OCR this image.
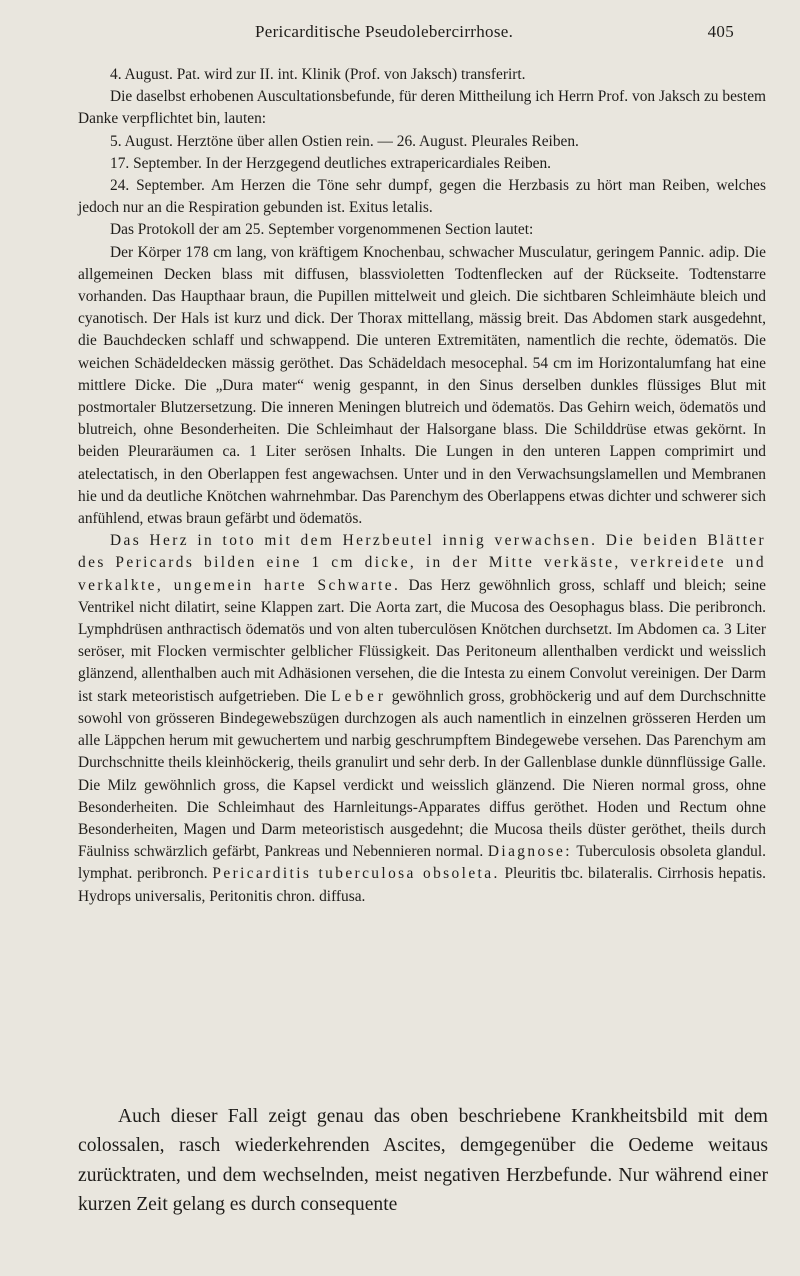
Pericarditische Pseudolebercirrhose.	405

4. August. Pat. wird zur II. int. Klinik (Prof. von Jaksch) transferirt.

Die daselbst erhobenen Auscultationsbefunde, für deren Mittheilung ich Herrn Prof. von Jaksch zu bestem Danke verpflichtet bin, lauten:

5. August. Herztöne über allen Ostien rein. — 26. August. Pleurales Reiben.

17. September. In der Herzgegend deutliches extrapericardiales Reiben.

24. September. Am Herzen die Töne sehr dumpf, gegen die Herzbasis zu hört man Reiben, welches jedoch nur an die Respiration gebunden ist. Exitus letalis.

Das Protokoll der am 25. September vorgenommenen Section lautet:

Der Körper 178 cm lang, von kräftigem Knochenbau, schwacher Musculatur, geringem Pannic. adip. Die allgemeinen Decken blass mit diffusen, blassvioletten Todtenflecken auf der Rückseite. Todtenstarre vorhanden. Das Haupthaar braun, die Pupillen mittelweit und gleich. Die sichtbaren Schleimhäute bleich und cyanotisch. Der Hals ist kurz und dick. Der Thorax mittellang, mässig breit. Das Abdomen stark ausgedehnt, die Bauchdecken schlaff und schwappend. Die unteren Extremitäten, namentlich die rechte, ödematös. Die weichen Schädeldecken mässig geröthet. Das Schädeldach mesocephal. 54 cm im Horizontalumfang hat eine mittlere Dicke. Die „Dura mater“ wenig gespannt, in den Sinus derselben dunkles flüssiges Blut mit postmortaler Blutzersetzung. Die inneren Meningen blutreich und ödematös. Das Gehirn weich, ödematös und blutreich, ohne Besonderheiten. Die Schleimhaut der Halsorgane blass. Die Schilddrüse etwas gekörnt. In beiden Pleuraräumen ca. 1 Liter serösen Inhalts. Die Lungen in den unteren Lappen comprimirt und atelectatisch, in den Oberlappen fest angewachsen. Unter und in den Verwachsungslamellen und Membranen hie und da deutliche Knötchen wahrnehmbar. Das Parenchym des Oberlappens etwas dichter und schwerer sich anfühlend, etwas braun gefärbt und ödematös.

Das Herz in toto mit dem Herzbeutel innig verwachsen. Die beiden Blätter des Pericards bilden eine 1 cm dicke, in der Mitte verkäste, verkreidete und verkalkte, ungemein harte Schwarte. Das Herz gewöhnlich gross, schlaff und bleich; seine Ventrikel nicht dilatirt, seine Klappen zart. Die Aorta zart, die Mucosa des Oesophagus blass. Die peribronch. Lymphdrüsen anthractisch ödematös und von alten tuberculösen Knötchen durchsetzt. Im Abdomen ca. 3 Liter seröser, mit Flocken vermischter gelblicher Flüssigkeit. Das Peritoneum allenthalben verdickt und weisslich glänzend, allenthalben auch mit Adhäsionen versehen, die die Intesta zu einem Convolut vereinigen. Der Darm ist stark meteoristisch aufgetrieben. Die Leber gewöhnlich gross, grobhöckerig und auf dem Durchschnitte sowohl von grösseren Bindegewebszügen durchzogen als auch namentlich in einzelnen grösseren Herden um alle Läppchen herum mit gewuchertem und narbig geschrumpftem Bindegewebe versehen. Das Parenchym am Durchschnitte theils kleinhöckerig, theils granulirt und sehr derb. In der Gallenblase dunkle dünnflüssige Galle. Die Milz gewöhnlich gross, die Kapsel verdickt und weisslich glänzend. Die Nieren normal gross, ohne Besonderheiten. Die Schleimhaut des Harnleitungs-Apparates diffus geröthet. Hoden und Rectum ohne Besonderheiten, Magen und Darm meteoristisch ausgedehnt; die Mucosa theils düster geröthet, theils durch Fäulniss schwärzlich gefärbt, Pankreas und Nebennieren normal. Diagnose: Tuberculosis obsoleta glandul. lymphat. peribronch. Pericarditis tuberculosa obsoleta. Pleuritis tbc. bilateralis. Cirrhosis hepatis. Hydrops universalis, Peritonitis chron. diffusa.

Auch dieser Fall zeigt genau das oben beschriebene Krankheitsbild mit dem colossalen, rasch wiederkehrenden Ascites, demgegenüber die Oedeme weitaus zurücktraten, und dem wechselnden, meist negativen Herzbefunde. Nur während einer kurzen Zeit gelang es durch consequente
